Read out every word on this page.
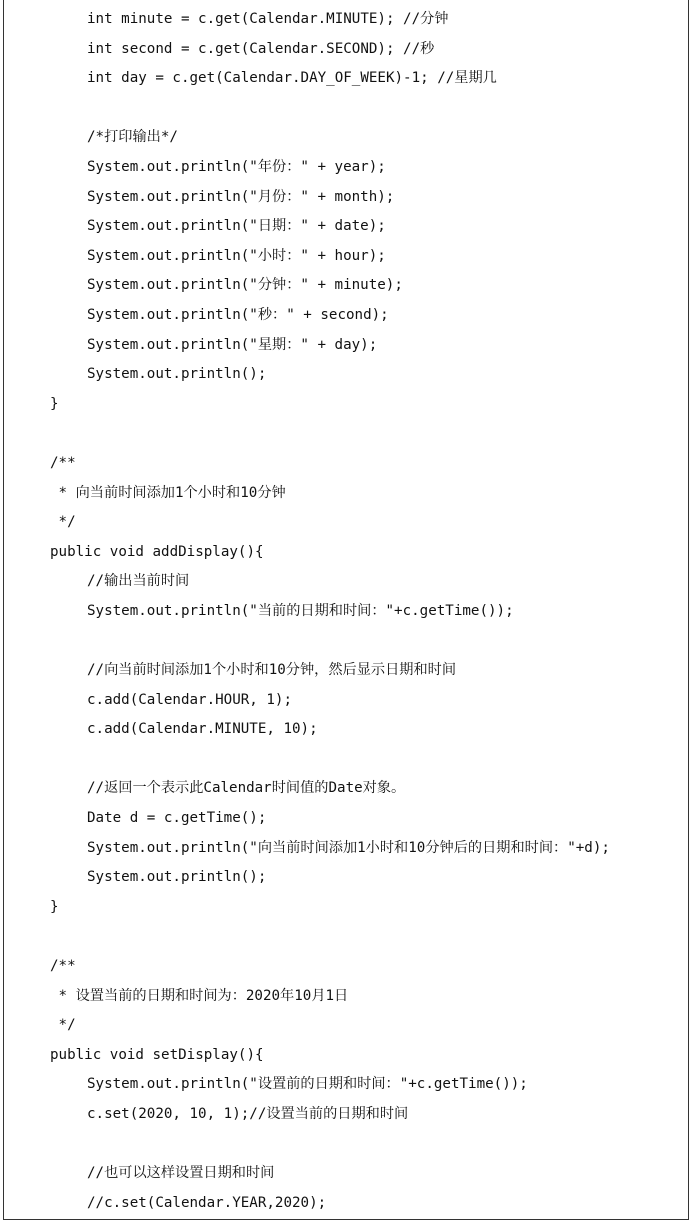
int minute = c.get(Calendar.MINUTE); //分钟
int second = c.get(Calendar.SECOND); //秒
int day = c.get(Calendar.DAY_OF_WEEK)-1; //星期几
/*打印输出*/
System.out.println("年份：" + year);
System.out.println("月份：" + month);
System.out.println("日期：" + date);
System.out.println("小时：" + hour);
System.out.println("分钟：" + minute);
System.out.println("秒：" + second);
System.out.println("星期：" + day);
System.out.println();
}
/**
* 向当前时间添加1个小时和10分钟
*/
public void addDisplay(){
//输出当前时间
System.out.println("当前的日期和时间："+c.getTime());
//向当前时间添加1个小时和10分钟，然后显示日期和时间
c.add(Calendar.HOUR, 1);
c.add(Calendar.MINUTE, 10);
//返回一个表示此Calendar时间值的Date对象。
Date d = c.getTime();
System.out.println("向当前时间添加1小时和10分钟后的日期和时间："+d);
System.out.println();
}
/**
* 设置当前的日期和时间为：2020年10月1日
*/
public void setDisplay(){
System.out.println("设置前的日期和时间："+c.getTime());
c.set(2020, 10, 1);//设置当前的日期和时间
//也可以这样设置日期和时间
//c.set(Calendar.YEAR,2020);
